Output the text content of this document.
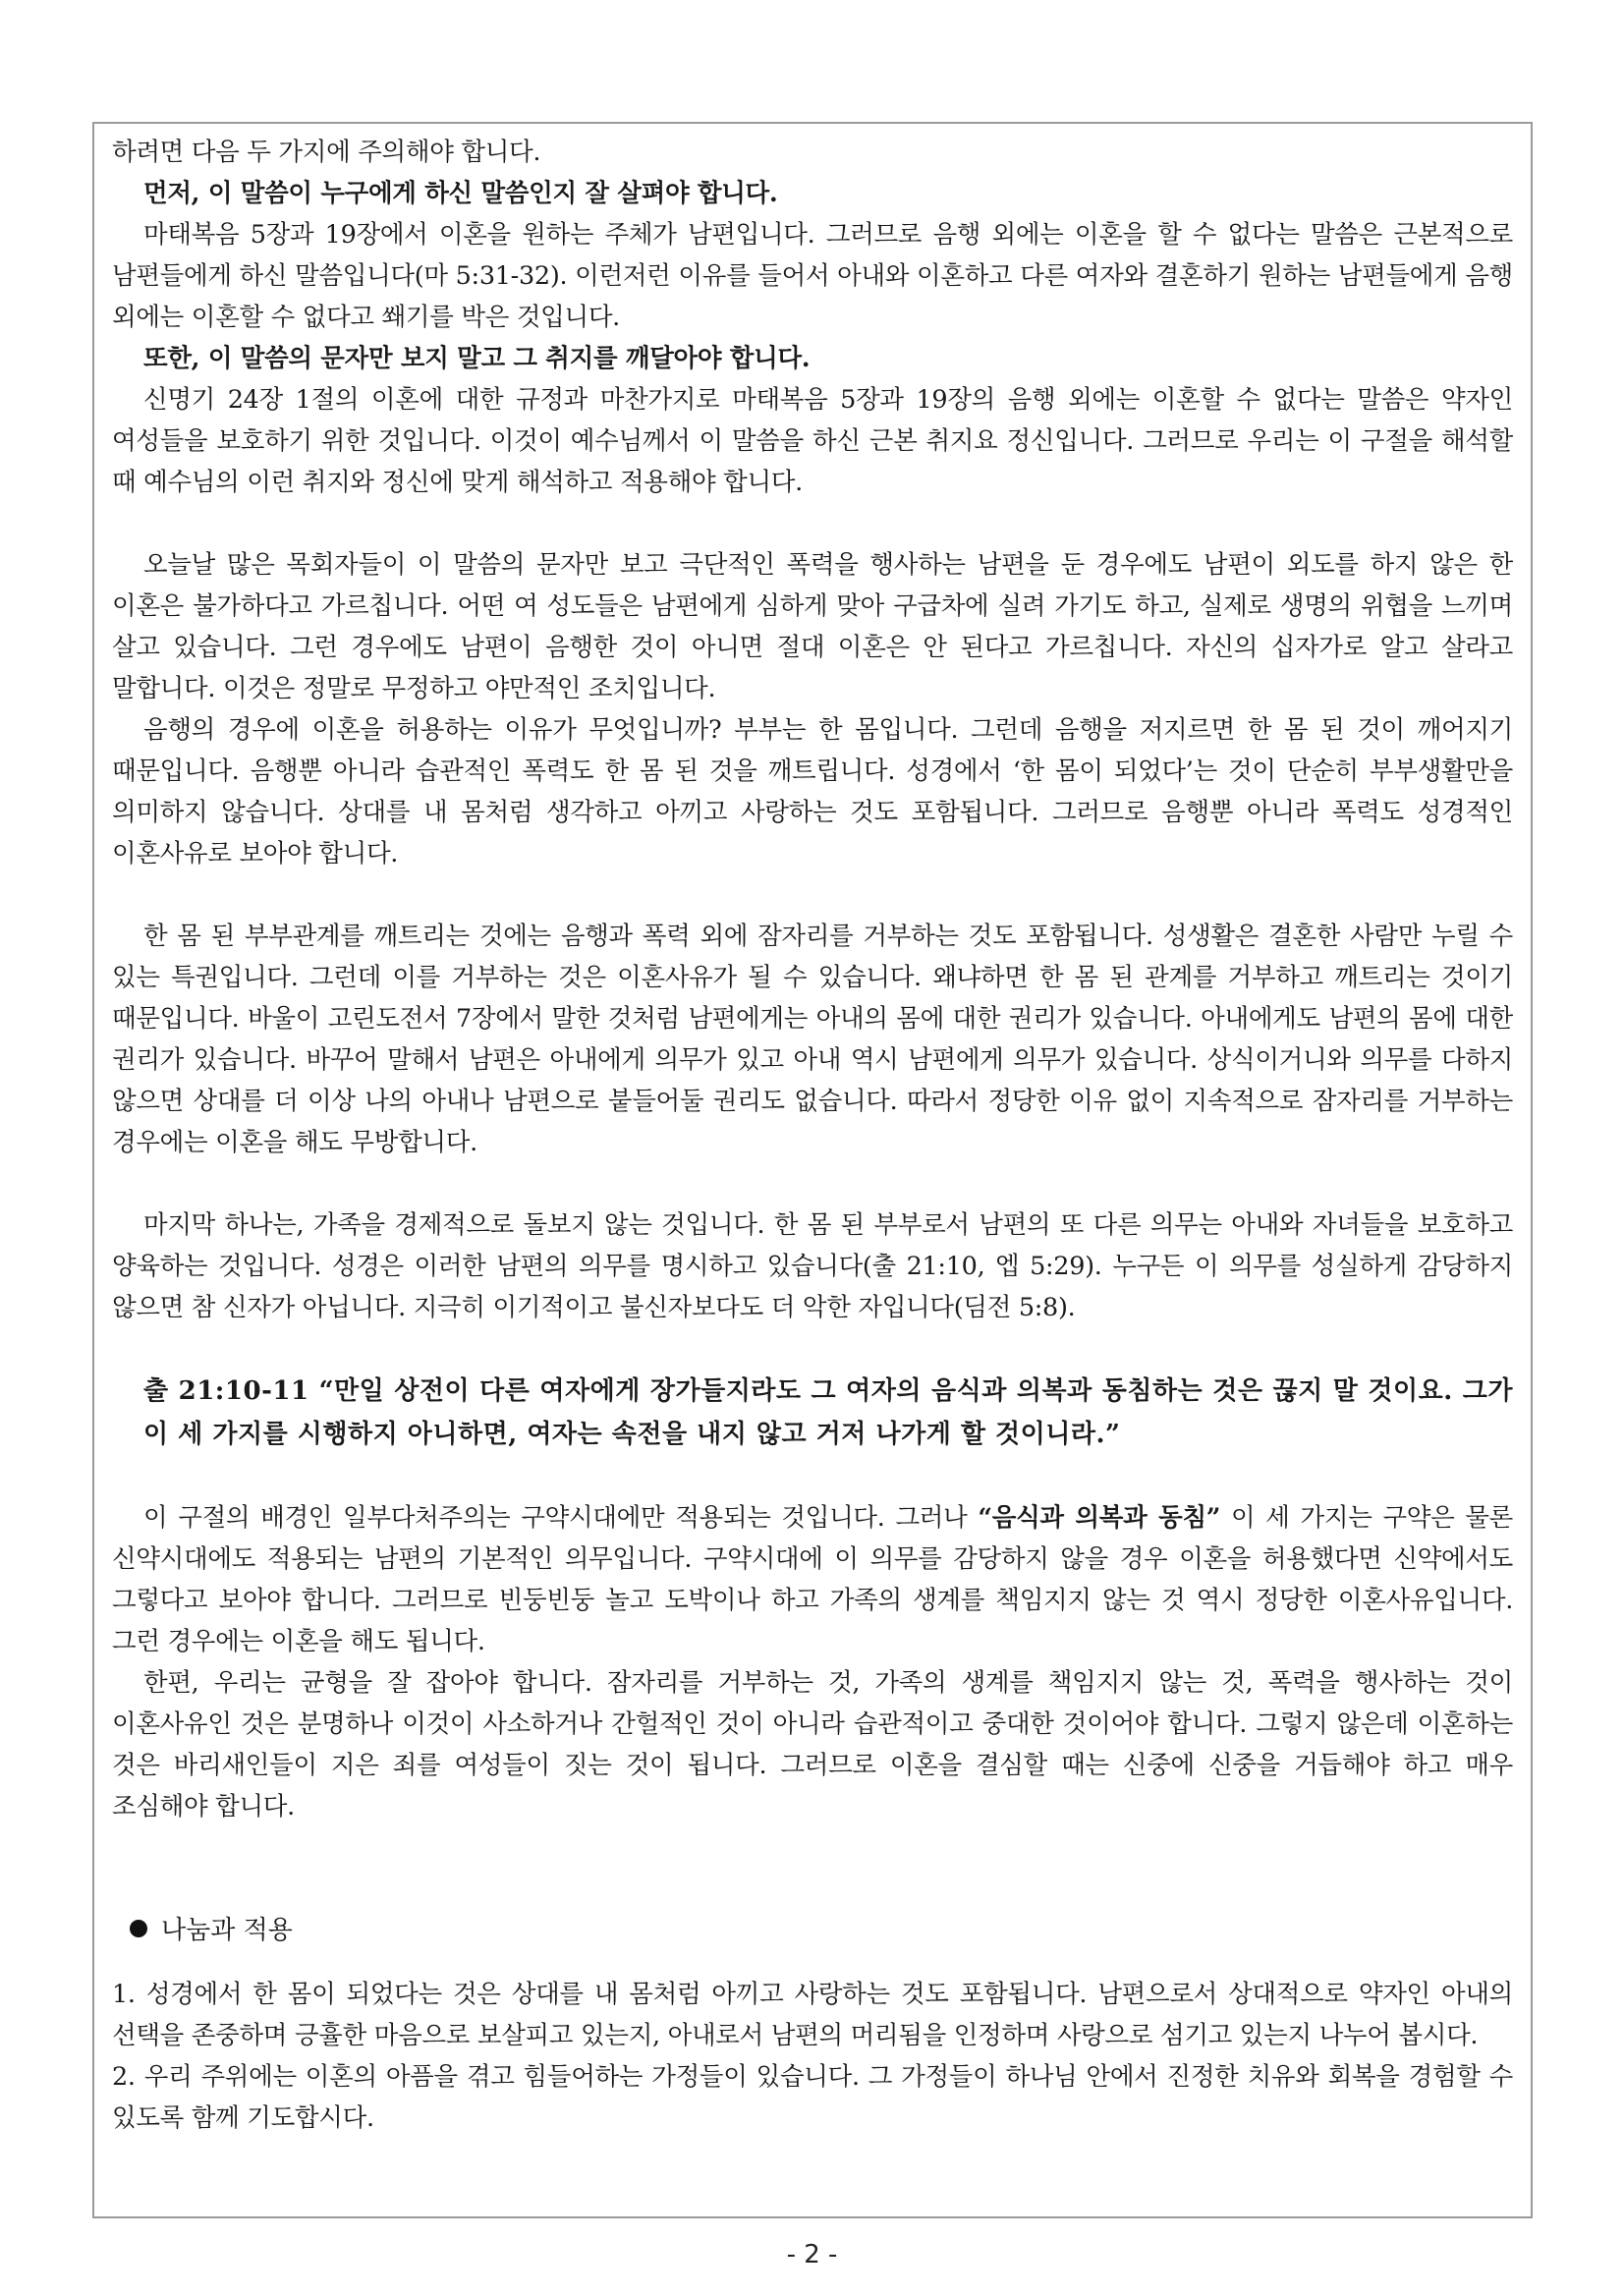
하려면 다음 두 가지에 주의해야 합니다.

먼저, 이 말씀이 누구에게 하신 말씀인지 잘 살펴야 합니다.

마태복음 5장과 19장에서 이혼을 원하는 주체가 남편입니다. 그러므로 음행 외에는 이혼을 할 수 없다는 말씀은 근본적으로 남편들에게 하신 말씀입니다(마 5:31-32). 이런저런 이유를 들어서 아내와 이혼하고 다른 여자와 결혼하기 원하는 남편들에게 음행 외에는 이혼할 수 없다고 쐐기를 박은 것입니다.

또한, 이 말씀의 문자만 보지 말고 그 취지를 깨달아야 합니다.

신명기 24장 1절의 이혼에 대한 규정과 마찬가지로 마태복음 5장과 19장의 음행 외에는 이혼할 수 없다는 말씀은 약자인 여성들을 보호하기 위한 것입니다. 이것이 예수님께서 이 말씀을 하신 근본 취지요 정신입니다. 그러므로 우리는 이 구절을 해석할 때 예수님의 이런 취지와 정신에 맞게 해석하고 적용해야 합니다.

오늘날 많은 목회자들이 이 말씀의 문자만 보고 극단적인 폭력을 행사하는 남편을 둔 경우에도 남편이 외도를 하지 않은 한 이혼은 불가하다고 가르칩니다. 어떤 여 성도들은 남편에게 심하게 맞아 구급차에 실려 가기도 하고, 실제로 생명의 위협을 느끼며 살고 있습니다. 그런 경우에도 남편이 음행한 것이 아니면 절대 이혼은 안 된다고 가르칩니다. 자신의 십자가로 알고 살라고 말합니다. 이것은 정말로 무정하고 야만적인 조치입니다.

음행의 경우에 이혼을 허용하는 이유가 무엇입니까? 부부는 한 몸입니다. 그런데 음행을 저지르면 한 몸 된 것이 깨어지기 때문입니다. 음행뿐 아니라 습관적인 폭력도 한 몸 된 것을 깨트립니다. 성경에서 ‘한 몸이 되었다’는 것이 단순히 부부생활만을 의미하지 않습니다. 상대를 내 몸처럼 생각하고 아끼고 사랑하는 것도 포함됩니다. 그러므로 음행뿐 아니라 폭력도 성경적인 이혼사유로 보아야 합니다.

한 몸 된 부부관계를 깨트리는 것에는 음행과 폭력 외에 잠자리를 거부하는 것도 포함됩니다. 성생활은 결혼한 사람만 누릴 수 있는 특권입니다. 그런데 이를 거부하는 것은 이혼사유가 될 수 있습니다. 왜냐하면 한 몸 된 관계를 거부하고 깨트리는 것이기 때문입니다. 바울이 고린도전서 7장에서 말한 것처럼 남편에게는 아내의 몸에 대한 권리가 있습니다. 아내에게도 남편의 몸에 대한 권리가 있습니다. 바꾸어 말해서 남편은 아내에게 의무가 있고 아내 역시 남편에게 의무가 있습니다. 상식이거니와 의무를 다하지 않으면 상대를 더 이상 나의 아내나 남편으로 붙들어둘 권리도 없습니다. 따라서 정당한 이유 없이 지속적으로 잠자리를 거부하는 경우에는 이혼을 해도 무방합니다.

마지막 하나는, 가족을 경제적으로 돌보지 않는 것입니다. 한 몸 된 부부로서 남편의 또 다른 의무는 아내와 자녀들을 보호하고 양육하는 것입니다. 성경은 이러한 남편의 의무를 명시하고 있습니다(출 21:10, 엡 5:29). 누구든 이 의무를 성실하게 감당하지 않으면 참 신자가 아닙니다. 지극히 이기적이고 불신자보다도 더 악한 자입니다(딤전 5:8).

출 21:10-11 “만일 상전이 다른 여자에게 장가들지라도 그 여자의 음식과 의복과 동침하는 것은 끊지 말 것이요. 그가 이 세 가지를 시행하지 아니하면, 여자는 속전을 내지 않고 거저 나가게 할 것이니라.”

이 구절의 배경인 일부다처주의는 구약시대에만 적용되는 것입니다. 그러나 “음식과 의복과 동침” 이 세 가지는 구약은 물론 신약시대에도 적용되는 남편의 기본적인 의무입니다. 구약시대에 이 의무를 감당하지 않을 경우 이혼을 허용했다면 신약에서도 그렇다고 보아야 합니다. 그러므로 빈둥빈둥 놀고 도박이나 하고 가족의 생계를 책임지지 않는 것 역시 정당한 이혼사유입니다. 그런 경우에는 이혼을 해도 됩니다.

한편, 우리는 균형을 잘 잡아야 합니다. 잠자리를 거부하는 것, 가족의 생계를 책임지지 않는 것, 폭력을 행사하는 것이 이혼사유인 것은 분명하나 이것이 사소하거나 간헐적인 것이 아니라 습관적이고 중대한 것이어야 합니다. 그렇지 않은데 이혼하는 것은 바리새인들이 지은 죄를 여성들이 짓는 것이 됩니다. 그러므로 이혼을 결심할 때는 신중에 신중을 거듭해야 하고 매우 조심해야 합니다.

나눔과 적용

1. 성경에서 한 몸이 되었다는 것은 상대를 내 몸처럼 아끼고 사랑하는 것도 포함됩니다. 남편으로서 상대적으로 약자인 아내의 선택을 존중하며 긍휼한 마음으로 보살피고 있는지, 아내로서 남편의 머리됨을 인정하며 사랑으로 섬기고 있는지 나누어 봅시다.

2. 우리 주위에는 이혼의 아픔을 겪고 힘들어하는 가정들이 있습니다. 그 가정들이 하나님 안에서 진정한 치유와 회복을 경험할 수 있도록 함께 기도합시다.

- 2 -
